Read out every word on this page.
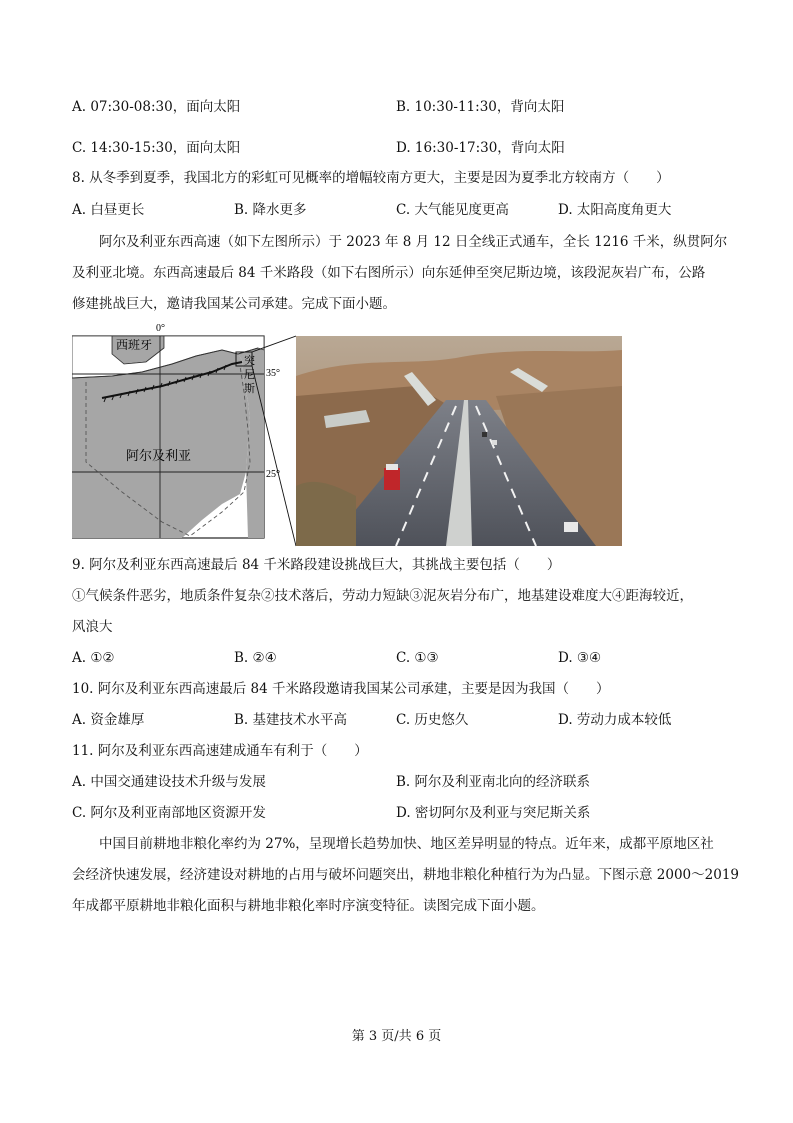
A. 07:30-08:30，面向太阳	B. 10:30-11:30，背向太阳
C. 14:30-15:30，面向太阳	D. 16:30-17:30，背向太阳
8. 从冬季到夏季，我国北方的彩虹可见概率的增幅较南方更大，主要是因为夏季北方较南方（　　）
A. 白昼更长	B. 降水更多	C. 大气能见度更高	D. 太阳高度角更大
阿尔及利亚东西高速（如下左图所示）于 2023 年 8 月 12 日全线正式通车，全长 1216 千米，纵贯阿尔
及利亚北境。东西高速最后 84 千米路段（如下右图所示）向东延伸至突尼斯边境，该段泥灰岩广布，公路
修建挑战巨大，邀请我国某公司承建。完成下面小题。
0°
西班牙
阿尔及利亚
35°
25°
突
尼
斯
9. 阿尔及利亚东西高速最后 84 千米路段建设挑战巨大，其挑战主要包括（　　）
①气候条件恶劣，地质条件复杂②技术落后，劳动力短缺③泥灰岩分布广，地基建设难度大④距海较近，
风浪大
A. ①②	B. ②④	C. ①③	D. ③④
10. 阿尔及利亚东西高速最后 84 千米路段邀请我国某公司承建，主要是因为我国（　　）
A. 资金雄厚	B. 基建技术水平高	C. 历史悠久	D. 劳动力成本较低
11. 阿尔及利亚东西高速建成通车有利于（　　）
A. 中国交通建设技术升级与发展	B. 阿尔及利亚南北向的经济联系
C. 阿尔及利亚南部地区资源开发	D. 密切阿尔及利亚与突尼斯关系
中国目前耕地非粮化率约为 27%，呈现增长趋势加快、地区差异明显的特点。近年来，成都平原地区社
会经济快速发展，经济建设对耕地的占用与破坏问题突出，耕地非粮化种植行为为凸显。下图示意 2000～2019
年成都平原耕地非粮化面积与耕地非粮化率时序演变特征。读图完成下面小题。
第 3 页/共 6 页
